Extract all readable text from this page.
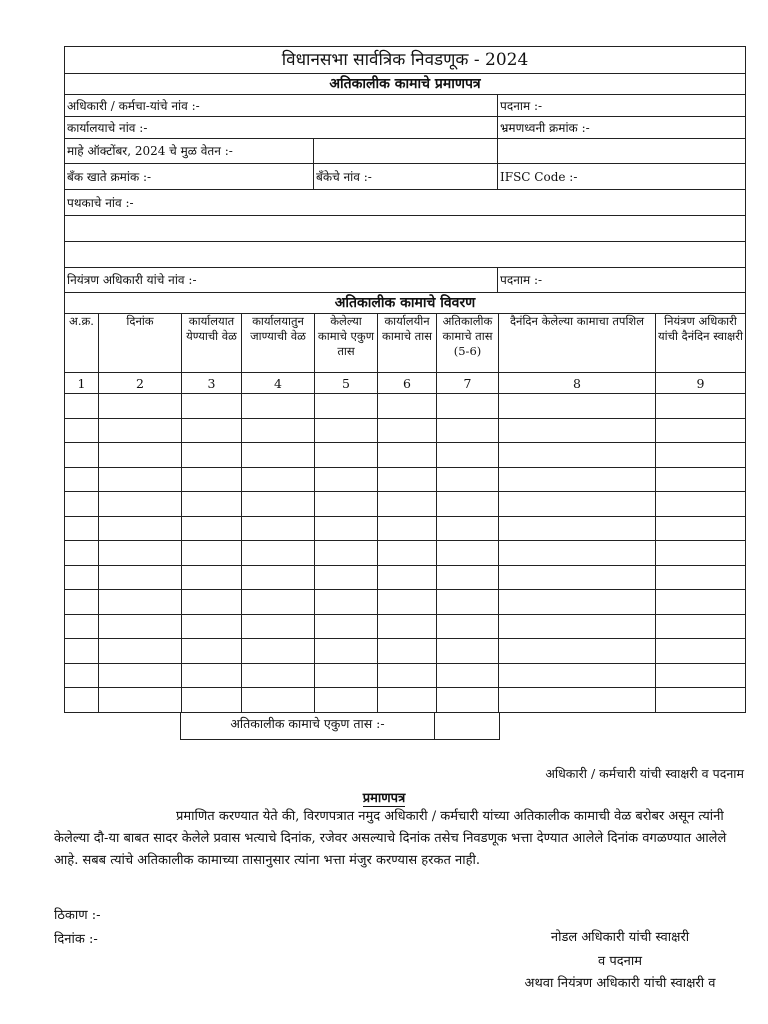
विधानसभा सार्वत्रिक निवडणूक - 2024		
अतिकालीक कामाचे प्रमाणपत्र		
अधिकारी / कर्मचा-यांचे नांव :-		पदनाम :-
कार्यालयाचे नांव :-		भ्रमणध्वनी क्रमांक :-
माहे ऑक्टोंबर, 2024 चे मुळ वेतन :-		
बँक खाते क्रमांक :-	बँकेचे नांव :-	IFSC Code :-
पथकाचे नांव :-		

नियंत्रण अधिकारी यांचे नांव :-		पदनाम :-
अतिकालीक कामाचे विवरण		
अ.क्र.	दिनांक	कार्यालयात येण्याची वेळ	कार्यालयातुन जाण्याची वेळ	केलेल्या कामाचे एकुण तास	कार्यालयीन कामाचे तास	अतिकालीक कामाचे तास (5-6)	दैनंदिन केलेल्या कामाचा तपशिल	नियंत्रण अधिकारी यांची दैनंदिन स्वाक्षरी
1	2	3	4	5	6	7	8	9

अतिकालीक कामाचे एकुण तास :-
अधिकारी / कर्मचारी यांची स्वाक्षरी व पदनाम
प्रमाणपत्र
प्रमाणित करण्यात येते की, विरणपत्रात नमुद अधिकारी / कर्मचारी यांच्या अतिकालीक कामाची वेळ बरोबर असून त्यांनी केलेल्या दौ-या बाबत सादर केलेले प्रवास भत्याचे दिनांक, रजेवर असल्याचे दिनांक तसेच निवडणूक भत्ता देण्यात आलेले दिनांक वगळण्यात आलेले आहे. सबब त्यांचे अतिकालीक कामाच्या तासानुसार त्यांना भत्ता मंजुर करण्यास हरकत नाही.
ठिकाण :-
दिनांक :-	नोडल अधिकारी यांची स्वाक्षरी
व पदनाम
अथवा नियंत्रण अधिकारी यांची स्वाक्षरी व
